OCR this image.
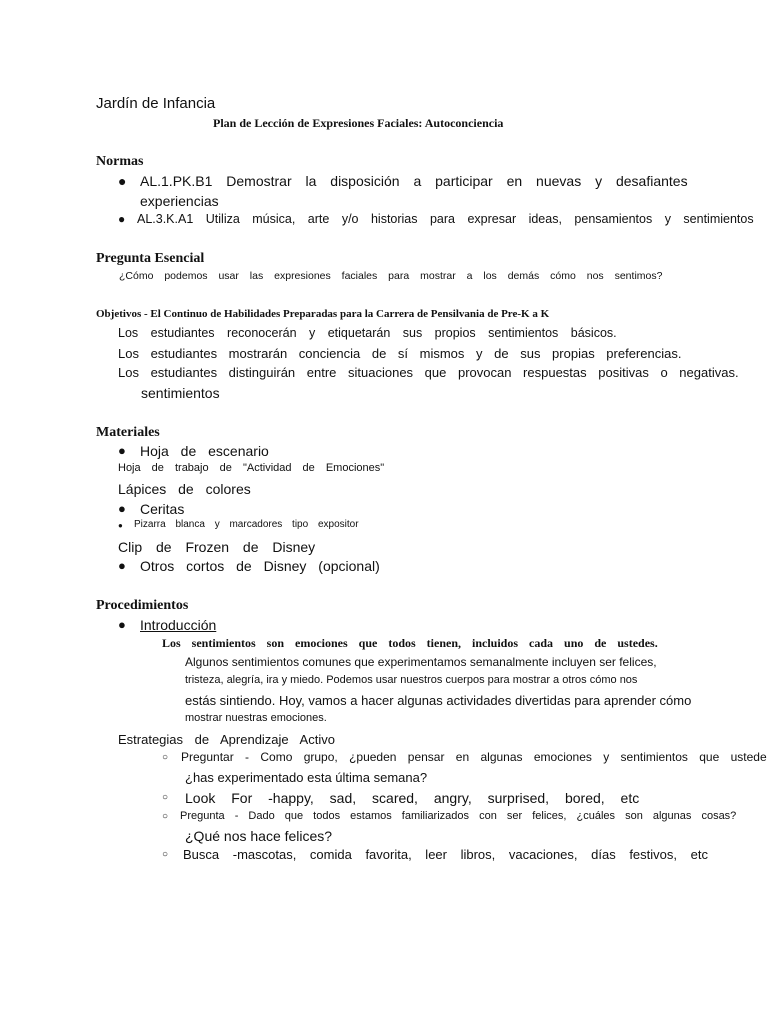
Jardín de Infancia
Plan de Lección de Expresiones Faciales: Autoconciencia
Normas
● AL.1.PK.B1 Demostrar la disposición a participar en nuevas y desafiantes
experiencias
● AL.3.K.A1 Utiliza música, arte y/o historias para expresar ideas, pensamientos y sentimientos
Pregunta Esencial
¿Cómo podemos usar las expresiones faciales para mostrar a los demás cómo nos sentimos?
Objetivos - El Continuo de Habilidades Preparadas para la Carrera de Pensilvania de Pre-K a K
Los estudiantes reconocerán y etiquetarán sus propios sentimientos básicos.
Los estudiantes mostrarán conciencia de sí mismos y de sus propias preferencias.
Los estudiantes distinguirán entre situaciones que provocan respuestas positivas o negativas.
sentimientos
Materiales
● Hoja de escenario
Hoja de trabajo de "Actividad de Emociones"
Lápices de colores
● Ceritas
● Pizarra blanca y marcadores tipo expositor
Clip de Frozen de Disney
● Otros cortos de Disney (opcional)
Procedimientos
● Introducción
Los sentimientos son emociones que todos tienen, incluidos cada uno de ustedes.
Algunos sentimientos comunes que experimentamos semanalmente incluyen ser felices,
tristeza, alegría, ira y miedo. Podemos usar nuestros cuerpos para mostrar a otros cómo nos
estás sintiendo. Hoy, vamos a hacer algunas actividades divertidas para aprender cómo
mostrar nuestras emociones.
Estrategias de Aprendizaje Activo
○ Preguntar - Como grupo, ¿pueden pensar en algunas emociones y sentimientos que ustede
¿has experimentado esta última semana?
○ Look For -happy, sad, scared, angry, surprised, bored, etc
○ Pregunta - Dado que todos estamos familiarizados con ser felices, ¿cuáles son algunas cosas?
¿Qué nos hace felices?
○ Busca -mascotas, comida favorita, leer libros, vacaciones, días festivos, etc
